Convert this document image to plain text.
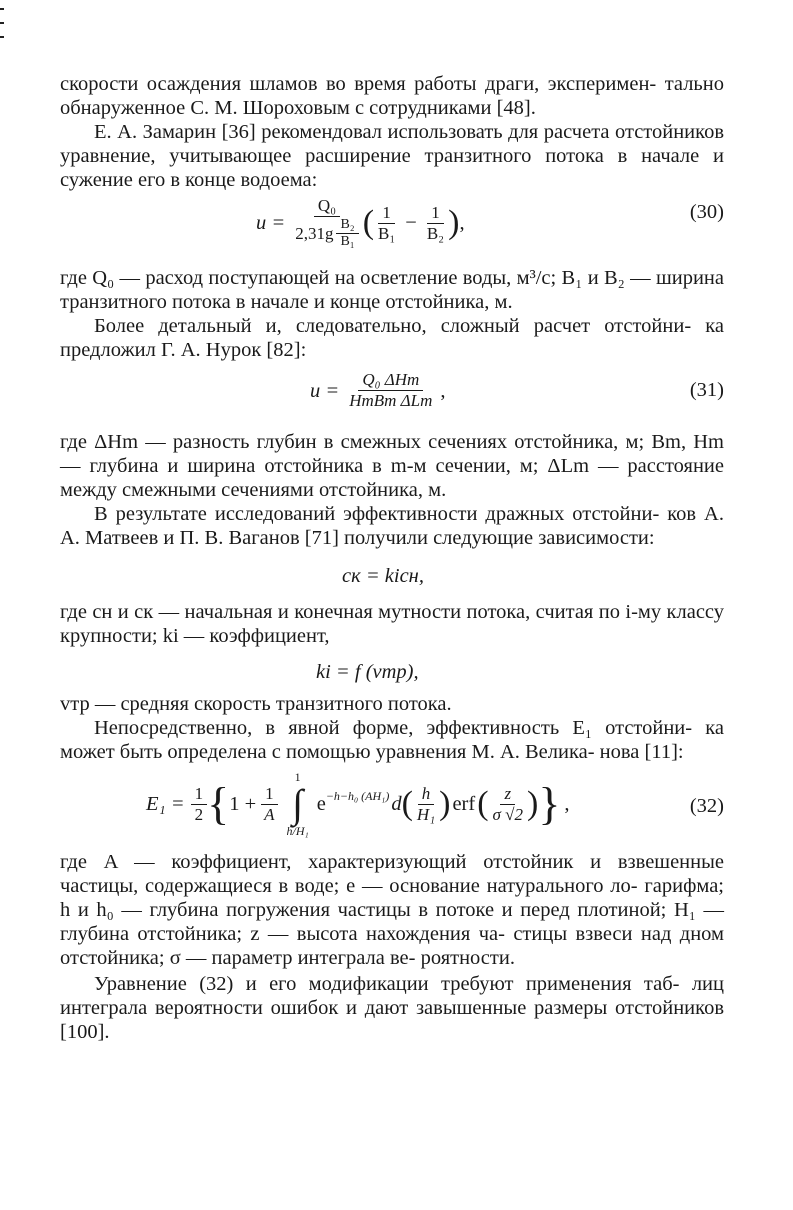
скорости осаждения шламов во время работы драги, эксперимен- тально обнаруженное С. М. Шороховым с сотрудниками [48].

Е. А. Замарин [36] рекомендовал использовать для расчета отстойников уравнение, учитывающее расширение транзитного потока в начале и сужение его в конце водоема:

$u = \frac{\text{Q₀}}{2,31g \frac{\text{B₂}}{\text{B₁}}}$ ( $\frac{1}{\text{B₁}} - \frac{1}{\text{B₂}}$ ) ,	(30)

где Q₀ — расход поступающей на осветление воды, м³/с; B₁ и B₂ — ширина транзитного потока в начале и конце отстойника, м.

Более детальный и, следовательно, сложный расчет отстойни- ка предложил Г. А. Нурок [82]:

$u = \frac{\text{Q₀ ΔHm}}{\text{HmBm ΔLm}}$ ,	(31)

где ΔHm — разность глубин в смежных сечениях отстойника, м; Bm, Hm — глубина и ширина отстойника в m-м сечении, м; ΔLm — расстояние между смежными сечениями отстойника, м.

В результате исследований эффективности дражных отстойни- ков А. А. Матвеев и П. В. Ваганов [71] получили следующие зависимости:

cк = kicн,

где cн и cк — начальная и конечная мутности потока, считая по i-му классу крупности; ki — коэффициент,

ki = f (vтр),

vтр — средняя скорость транзитного потока.

Непосредственно, в явной форме, эффективность E₁ отстойни- ка может быть определена с помощью уравнения М. А. Велика- нова [11]:

$E_1 = \frac{1}{2}$ { $1 + \frac{1}{A}$
1
∫
h/H₁
$e^{-h-h_0 (AH_1)}$ d ( $\frac{h}{\text{H₁}}$ ) erf ( $\frac{z}{\sigma √2}$ ) } ,	(32)

где A — коэффициент, характеризующий отстойник и взвешенные частицы, содержащиеся в воде; e — основание натурального ло- гарифма; h и h₀ — глубина погружения частицы в потоке и перед плотиной; H₁ — глубина отстойника; z — высота нахождения ча- стицы взвеси над дном отстойника; σ — параметр интеграла ве- роятности.

Уравнение (32) и его модификации требуют применения таб- лиц интеграла вероятности ошибок и дают завышенные размеры отстойников [100].
